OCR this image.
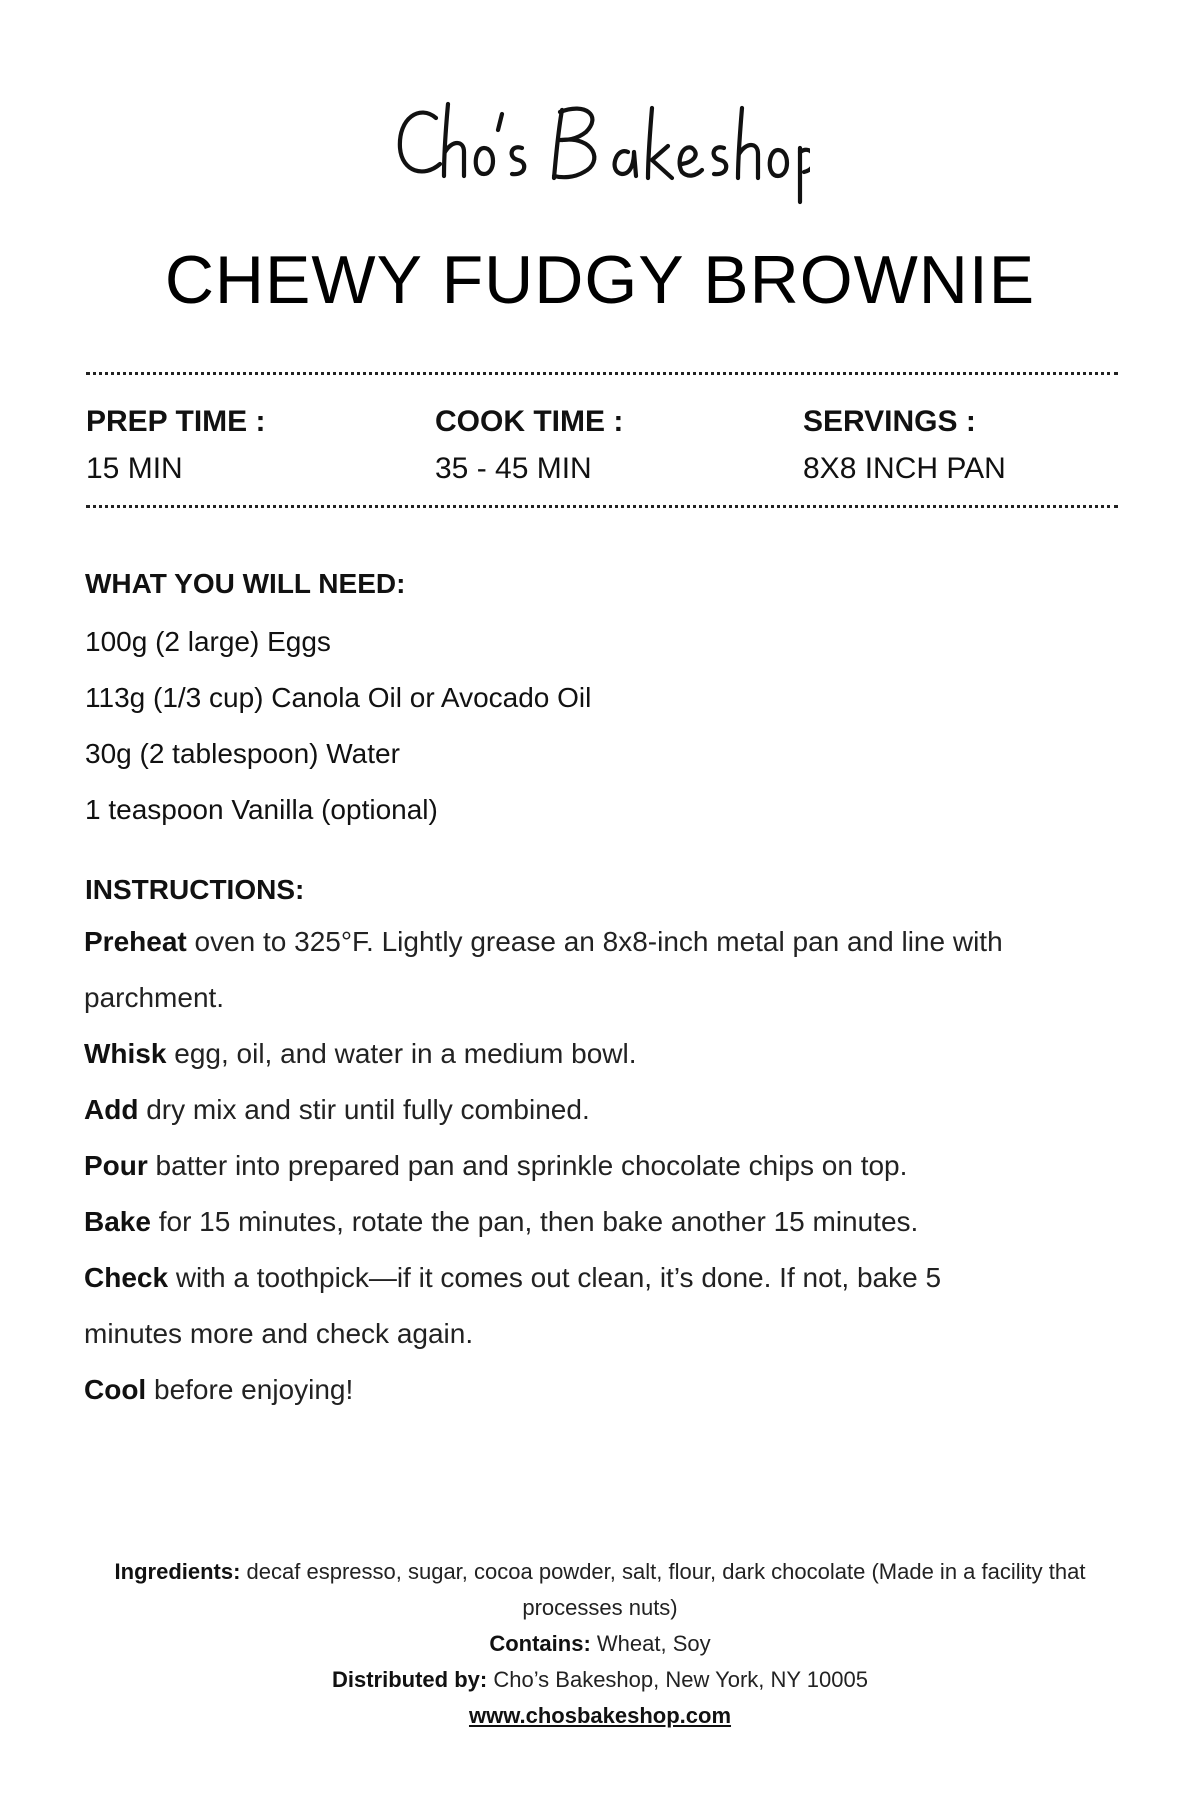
CHEWY FUDGY BROWNIE
PREP TIME :
15 MIN
COOK TIME :
35 - 45 MIN
SERVINGS :
8X8 INCH PAN
WHAT YOU WILL NEED:
100g (2 large) Eggs
113g (1/3 cup) Canola Oil or Avocado Oil
30g (2 tablespoon) Water
1 teaspoon Vanilla (optional)
INSTRUCTIONS:
Preheat oven to 325°F. Lightly grease an 8x8-inch metal pan and line with parchment.
Whisk egg, oil, and water in a medium bowl.
Add dry mix and stir until fully combined.
Pour batter into prepared pan and sprinkle chocolate chips on top.
Bake for 15 minutes, rotate the pan, then bake another 15 minutes.
Check with a toothpick—if it comes out clean, it’s done. If not, bake 5 minutes more and check again.
Cool before enjoying!

Ingredients: decaf espresso, sugar, cocoa powder, salt, flour, dark chocolate (Made in a facility that processes nuts)

Contains: Wheat, Soy

Distributed by: Cho’s Bakeshop, New York, NY 10005

www.chosbakeshop.com
